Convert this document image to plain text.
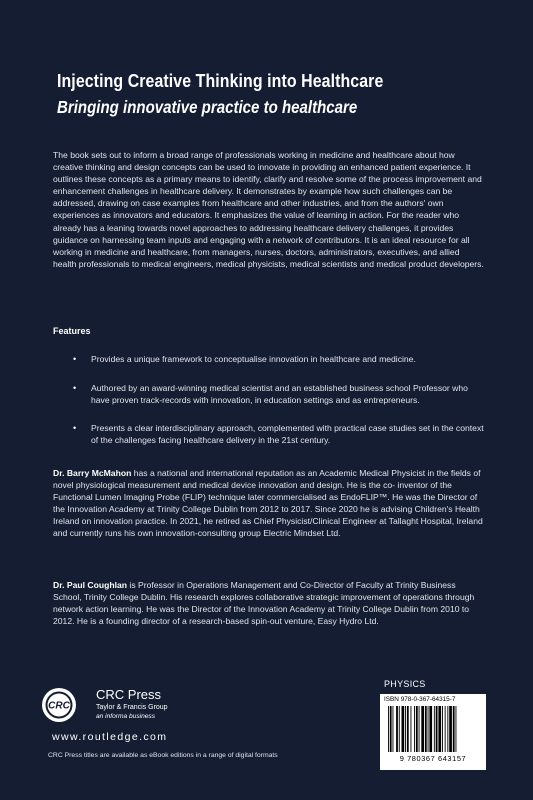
Injecting Creative Thinking into Healthcare
Bringing innovative practice to healthcare
The book sets out to inform a broad range of professionals working in medicine and healthcare about how creative thinking and design concepts can be used to innovate in providing an enhanced patient experience. It outlines these concepts as a primary means to identify, clarify and resolve some of the process improvement and enhancement challenges in healthcare delivery. It demonstrates by example how such challenges can be addressed, drawing on case examples from healthcare and other industries, and from the authors' own experiences as innovators and educators. It emphasizes the value of learning in action. For the reader who already has a leaning towards novel approaches to addressing healthcare delivery challenges, it provides guidance on harnessing team inputs and engaging with a network of contributors. It is an ideal resource for all working in medicine and healthcare, from managers, nurses, doctors, administrators, executives, and allied health professionals to medical engineers, medical physicists, medical scientists and medical product developers.
Features
• Provides a unique framework to conceptualise innovation in healthcare and medicine.
• Authored by an award-winning medical scientist and an established business school Professor who have proven track-records with innovation, in education settings and as entrepreneurs.
• Presents a clear interdisciplinary approach, complemented with practical case studies set in the context of the challenges facing healthcare delivery in the 21st century.
Dr. Barry McMahon has a national and international reputation as an Academic Medical Physicist in the fields of novel physiological measurement and medical device innovation and design. He is the co- inventor of the Functional Lumen Imaging Probe (FLIP) technique later commercialised as EndoFLIP™. He was the Director of the Innovation Academy at Trinity College Dublin from 2012 to 2017. Since 2020 he is advising Children's Health Ireland on innovation practice. In 2021, he retired as Chief Physicist/Clinical Engineer at Tallaght Hospital, Ireland and currently runs his own innovation-consulting group Electric Mindset Ltd.
Dr. Paul Coughlan is Professor in Operations Management and Co-Director of Faculty at Trinity Business School, Trinity College Dublin. His research explores collaborative strategic improvement of operations through network action learning. He was the Director of the Innovation Academy at Trinity College Dublin from 2010 to 2012. He is a founding director of a research-based spin-out venture, Easy Hydro Ltd.
CRC
CRC Press
Taylor & Francis Group
an informa business
www.routledge.com
CRC Press titles are available as eBook editions in a range of digital formats
PHYSICS
ISBN 978-0-367-64315-7
9 780367 643157
